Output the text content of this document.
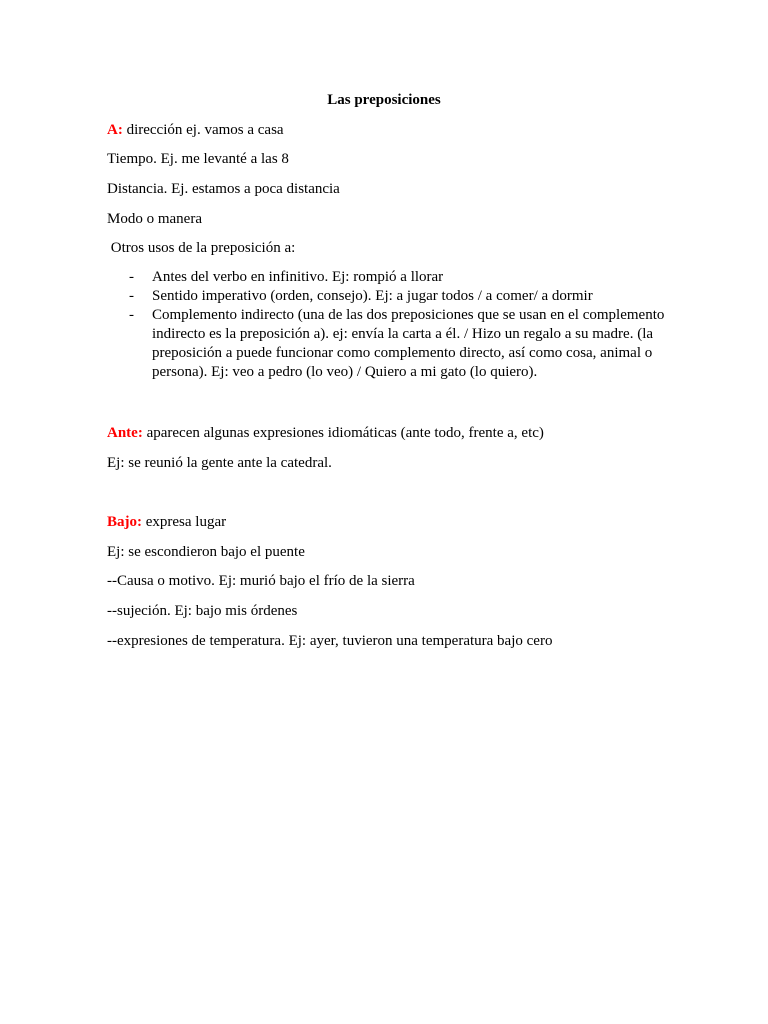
Las preposiciones
A: dirección ej. vamos a casa
Tiempo. Ej. me levanté a las 8
Distancia. Ej. estamos a poca distancia
Modo o manera
Otros usos de la preposición a:
- Antes del verbo en infinitivo. Ej: rompió a llorar
- Sentido imperativo (orden, consejo). Ej: a jugar todos / a comer/ a dormir
- Complemento indirecto (una de las dos preposiciones que se usan en el complemento indirecto es la preposición a). ej: envía la carta a él. / Hizo un regalo a su madre. (la preposición a puede funcionar como complemento directo, así como cosa, animal o persona). Ej: veo a pedro (lo veo) / Quiero a mi gato (lo quiero).
Ante: aparecen algunas expresiones idiomáticas (ante todo, frente a, etc)
Ej: se reunió la gente ante la catedral.
Bajo: expresa lugar
Ej: se escondieron bajo el puente
--Causa o motivo. Ej: murió bajo el frío de la sierra
--sujeción. Ej: bajo mis órdenes
--expresiones de temperatura. Ej: ayer, tuvieron una temperatura bajo cero
